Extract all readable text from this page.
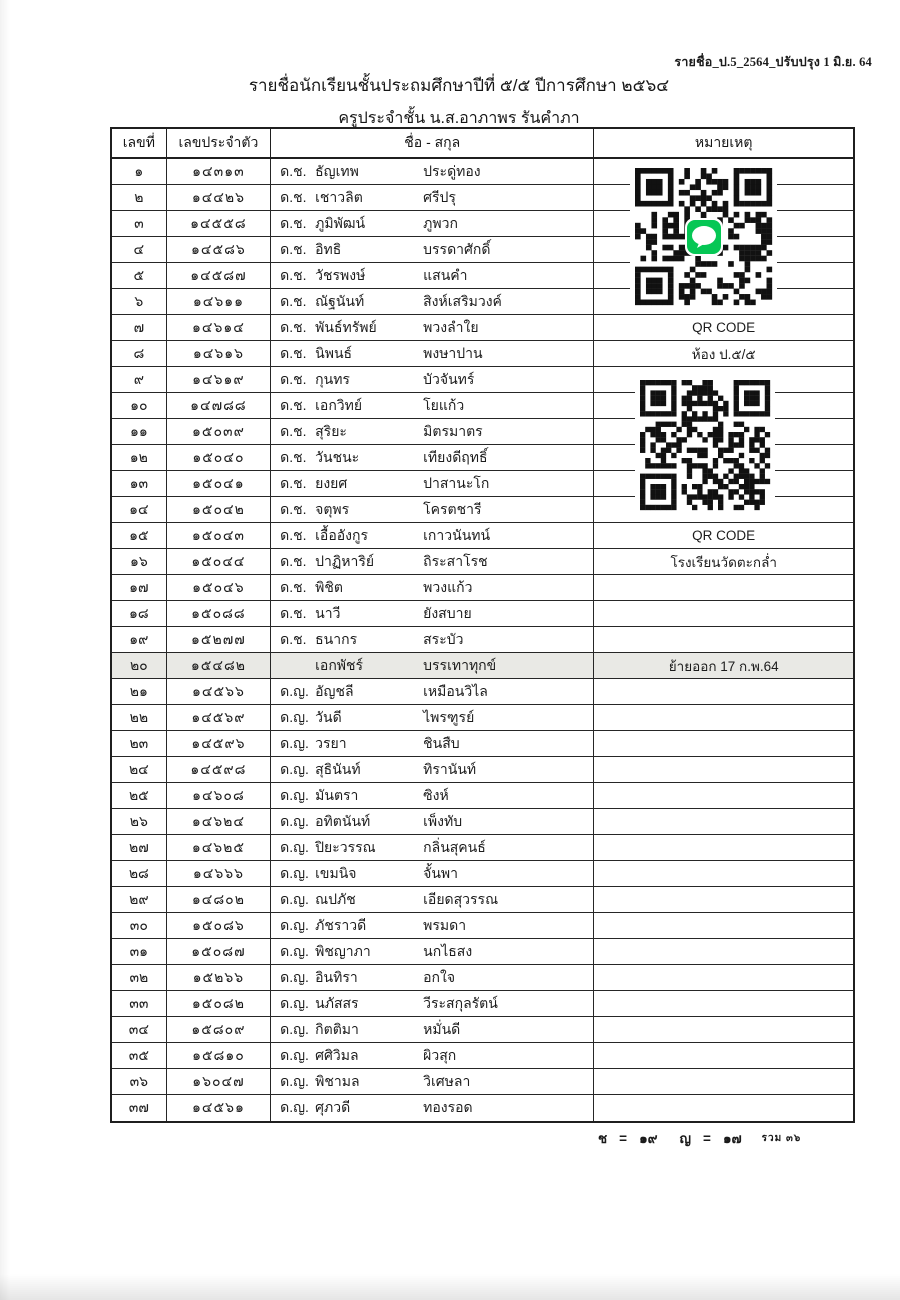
รายชื่อ_ป.5_2564_ปรับปรุง 1 มิ.ย. 64
รายชื่อนักเรียนชั้นประถมศึกษาปีที่ ๕/๕ ปีการศึกษา ๒๕๖๔
ครูประจำชั้น น.ส.อาภาพร รันคำภา
เลขที่	เลขประจำตัว	ชื่อ - สกุล	หมายเหตุ
๑	๑๔๓๑๓	ด.ช. ธัญเทพ	ประดู่ทอง
๒	๑๔๔๒๖	ด.ช. เชาวลิต	ศรีปรุ
๓	๑๔๕๕๘	ด.ช. ภูมิพัฒน์	ภูพวก
๔	๑๔๕๘๖	ด.ช. อิทธิ	บรรดาศักดิ์
๕	๑๔๕๘๗	ด.ช. วัชรพงษ์	แสนคำ
๖	๑๔๖๑๑	ด.ช. ณัฐนันท์	สิงห์เสริมวงค์
๗	๑๔๖๑๔	ด.ช. พันธ์ทรัพย์	พวงลำใย	QR CODE
๘	๑๔๖๑๖	ด.ช. นิพนธ์	พงษาปาน	ห้อง ป.๕/๕
๙	๑๔๖๑๙	ด.ช. กุนทร	บัวจันทร์
๑๐	๑๔๗๘๘	ด.ช. เอกวิทย์	โยแก้ว
๑๑	๑๕๐๓๙	ด.ช. สุริยะ	มิตรมาตร
๑๒	๑๕๐๔๐	ด.ช. วันชนะ	เทียงดีฤทธิ์
๑๓	๑๕๐๔๑	ด.ช. ยงยศ	ปาสานะโก
๑๔	๑๕๐๔๒	ด.ช. จตุพร	โครตชารี
๑๕	๑๕๐๔๓	ด.ช. เอื้ออังกูร	เกาวนันทน์	QR CODE
๑๖	๑๕๐๔๔	ด.ช. ปาฏิหาริย์	ถิระสาโรช	โรงเรียนวัดตะกล่ำ
๑๗	๑๕๐๔๖	ด.ช. พิชิต	พวงแก้ว
๑๘	๑๕๐๘๘	ด.ช. นาวี	ยังสบาย
๑๙	๑๕๒๗๗	ด.ช. ธนากร	สระบัว
๒๐	๑๕๔๘๒	เอกพัชร์	บรรเทาทุกข์	ย้ายออก 17 ก.พ.64
๒๑	๑๔๕๖๖	ด.ญ. อัญชลี	เหมือนวิไล
๒๒	๑๔๕๖๙	ด.ญ. วันดี	ไพรฑูรย์
๒๓	๑๔๕๙๖	ด.ญ. วรยา	ชินสืบ
๒๔	๑๔๕๙๘	ด.ญ. สุธินันท์	ทิรานันท์
๒๕	๑๔๖๐๘	ด.ญ. มันตรา	ซิงห์
๒๖	๑๔๖๒๔	ด.ญ. อทิตนันท์	เพ็งทับ
๒๗	๑๔๖๒๕	ด.ญ. ปิยะวรรณ	กลิ่นสุคนธ์
๒๘	๑๔๖๖๖	ด.ญ. เขมนิจ	จั้นพา
๒๙	๑๔๘๐๒	ด.ญ. ณปภัช	เอียดสุวรรณ
๓๐	๑๕๐๘๖	ด.ญ. ภัชราวดี	พรมดา
๓๑	๑๕๐๘๗	ด.ญ. พิชญาภา	นกไธสง
๓๒	๑๕๒๖๖	ด.ญ. อินทิรา	อกใจ
๓๓	๑๕๐๘๒	ด.ญ. นภัสสร	วีระสกุลรัตน์
๓๔	๑๕๘๐๙	ด.ญ. กิตติมา	หมั่นดี
๓๕	๑๕๘๑๐	ด.ญ. ศศิวิมล	ผิวสุก
๓๖	๑๖๐๔๗	ด.ญ. พิชามล	วิเศษลา
๓๗	๑๔๕๖๑	ด.ญ. ศุภวดี	ทองรอด
ช = ๑๙ ญ = ๑๗ รวม ๓๖
